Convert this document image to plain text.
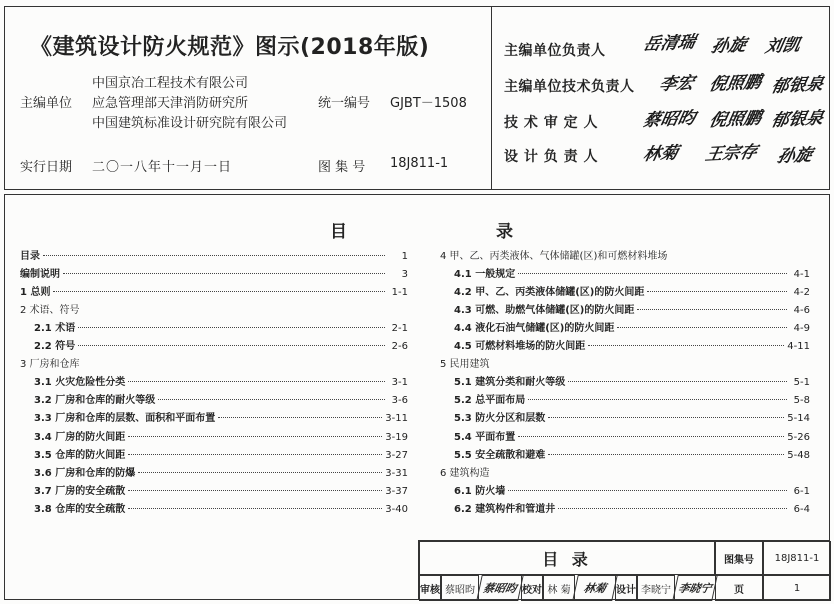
《建筑设计防火规范》图示(2018年版)
主编单位
中国京冶工程技术有限公司
应急管理部天津消防研究所
中国建筑标准设计研究院有限公司
统一编号 GJBT－1508
实行日期 二〇一八年十一月一日	图 集 号 18J811-1
主编单位负责人 岳清瑞 孙旋 刘凯
主编单位技术负责人 李宏 倪照鹏 郁银泉
技 术 审 定 人	蔡昭昀 倪照鹏 郁银泉
设 计 负 责 人	林菊 王宗存 孙旋
目	录
目录	1
编制说明	3
1 总则	1-1
2 术语、符号
2.1 术语	2-1
2.2 符号	2-6
3 厂房和仓库
3.1 火灾危险性分类	3-1
3.2 厂房和仓库的耐火等级	3-6
3.3 厂房和仓库的层数、面积和平面布置	3-11
3.4 厂房的防火间距	3-19
3.5 仓库的防火间距	3-27
3.6 厂房和仓库的防爆	3-31
3.7 厂房的安全疏散	3-37
3.8 仓库的安全疏散	3-40
4 甲、乙、丙类液体、气体储罐(区)和可燃材料堆场
4.1 一般规定	4-1
4.2 甲、乙、丙类液体储罐(区)的防火间距	4-2
4.3 可燃、助燃气体储罐(区)的防火间距	4-6
4.4 液化石油气储罐(区)的防火间距	4-9
4.5 可燃材料堆场的防火间距	4-11
5 民用建筑
5.1 建筑分类和耐火等级	5-1
5.2 总平面布局	5-8
5.3 防火分区和层数	5-14
5.4 平面布置	5-26
5.5 安全疏散和避难	5-48
6 建筑构造
6.1 防火墙	6-1
6.2 建筑构件和管道井	6-4
目 录	图集号	18J811-1
审核 蔡昭昀 蔡昭昀 校对 林 菊	林菊 设计 李晓宁 李晓宁	页	1
